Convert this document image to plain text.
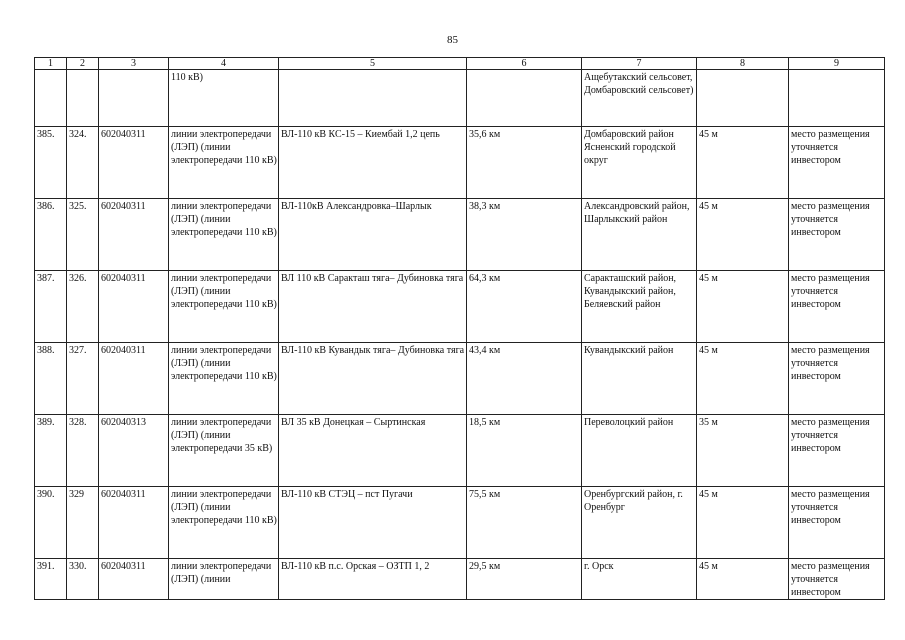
85
1	2	3	4	5	6	7	8	9
			110 кВ)			Ащебутакский сельсовет, Домбаровский сельсовет)		
385.	324.	602040311	линии электропередачи (ЛЭП) (линии электропередачи 110 кВ)	ВЛ-110 кВ КС-15 – Киембай 1,2 цепь	35,6 км	Домбаровский район Ясненский городской округ	45 м	место размещения уточняется инвестором
386.	325.	602040311	линии электропередачи (ЛЭП) (линии электропередачи 110 кВ)	ВЛ-110кВ Александровка–Шарлык	38,3 км	Александровский район, Шарлыкский район	45 м	место размещения уточняется инвестором
387.	326.	602040311	линии электропередачи (ЛЭП) (линии электропередачи 110 кВ)	ВЛ 110 кВ Саракташ тяга– Дубиновка тяга	64,3 км	Саракташский район, Кувандыкский район, Беляевский район	45 м	место размещения уточняется инвестором
388.	327.	602040311	линии электропередачи (ЛЭП) (линии электропередачи 110 кВ)	ВЛ-110 кВ Кувандык тяга– Дубиновка тяга	43,4 км	Кувандыкский район	45 м	место размещения уточняется инвестором
389.	328.	602040313	линии электропередачи (ЛЭП) (линии электропередачи 35 кВ)	ВЛ 35 кВ Донецкая – Сыртинская	18,5 км	Переволоцкий район	35 м	место размещения уточняется инвестором
390.	329	602040311	линии электропередачи (ЛЭП) (линии электропередачи 110 кВ)	ВЛ-110 кВ СТЭЦ – пст Пугачи	75,5 км	Оренбургский район, г. Оренбург	45 м	место размещения уточняется инвестором
391.	330.	602040311	линии электропередачи (ЛЭП) (линии	ВЛ-110 кВ п.с. Орская – ОЗТП 1, 2	29,5 км	г. Орск	45 м	место размещения уточняется инвестором
